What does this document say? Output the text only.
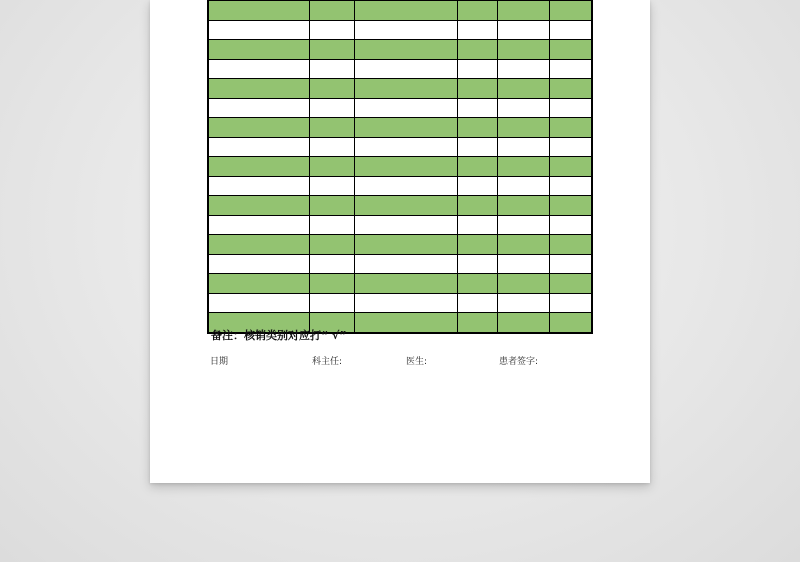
备注：核销类别对应打“ √”
日期	科主任:	医生:	患者签字:
